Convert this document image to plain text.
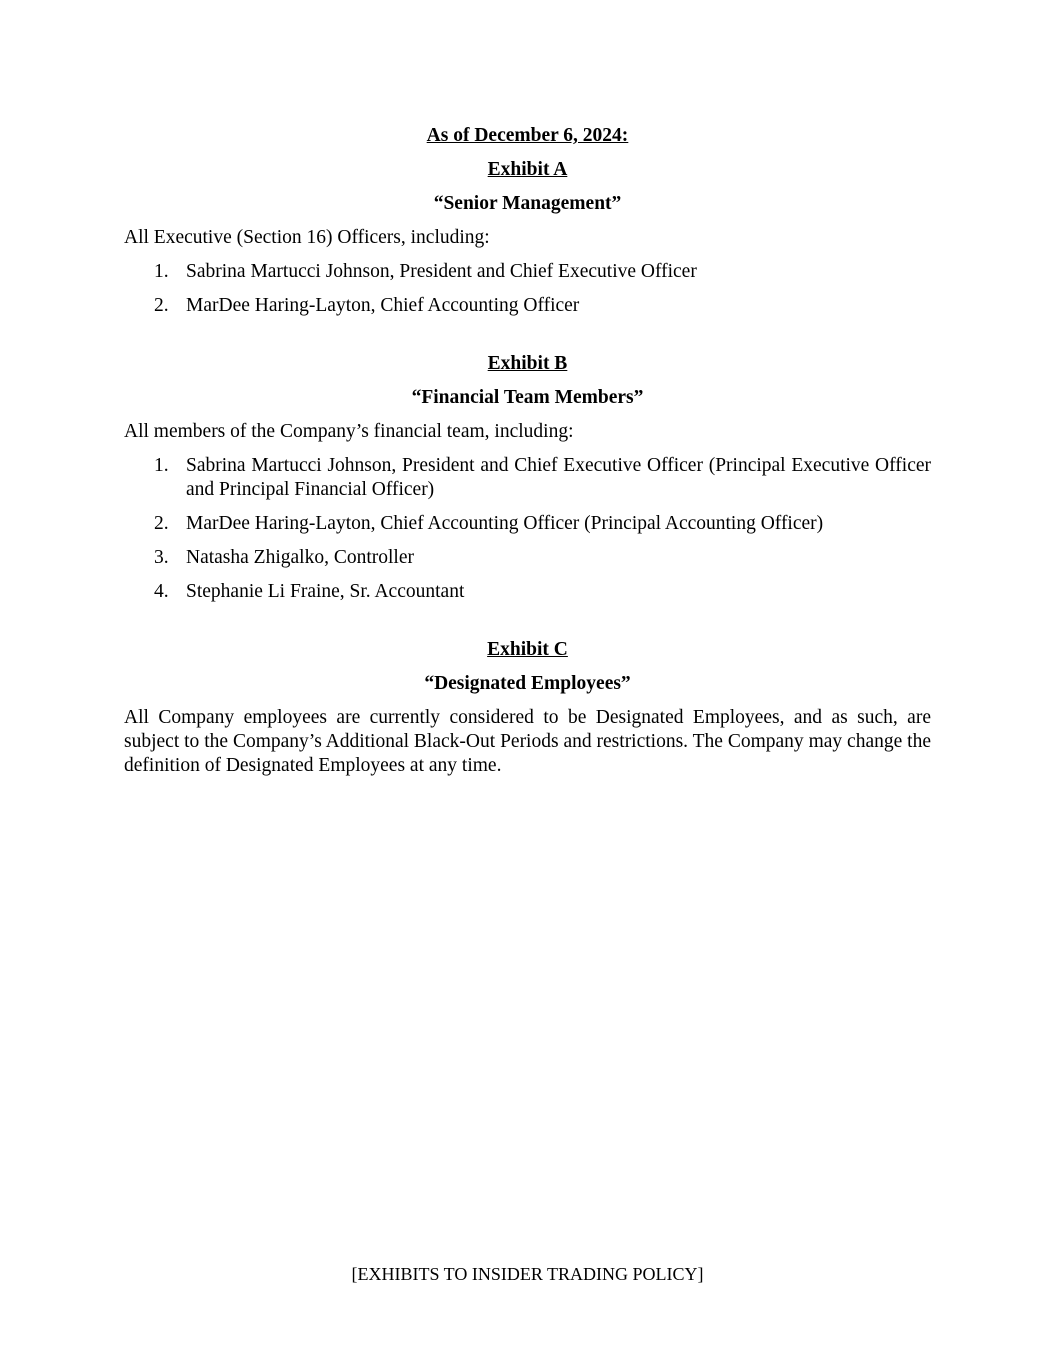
As of December 6, 2024:

Exhibit A

“Senior Management”

All Executive (Section 16) Officers, including:

1. Sabrina Martucci Johnson, President and Chief Executive Officer
2. MarDee Haring-Layton, Chief Accounting Officer

Exhibit B

“Financial Team Members”

All members of the Company’s financial team, including:

1. Sabrina Martucci Johnson, President and Chief Executive Officer (Principal Executive Officer and Principal Financial Officer)
2. MarDee Haring-Layton, Chief Accounting Officer (Principal Accounting Officer)
3. Natasha Zhigalko, Controller
4. Stephanie Li Fraine, Sr. Accountant

Exhibit C

“Designated Employees”

All Company employees are currently considered to be Designated Employees, and as such, are subject to the Company’s Additional Black-Out Periods and restrictions. The Company may change the definition of Designated Employees at any time.

[EXHIBITS TO INSIDER TRADING POLICY]
